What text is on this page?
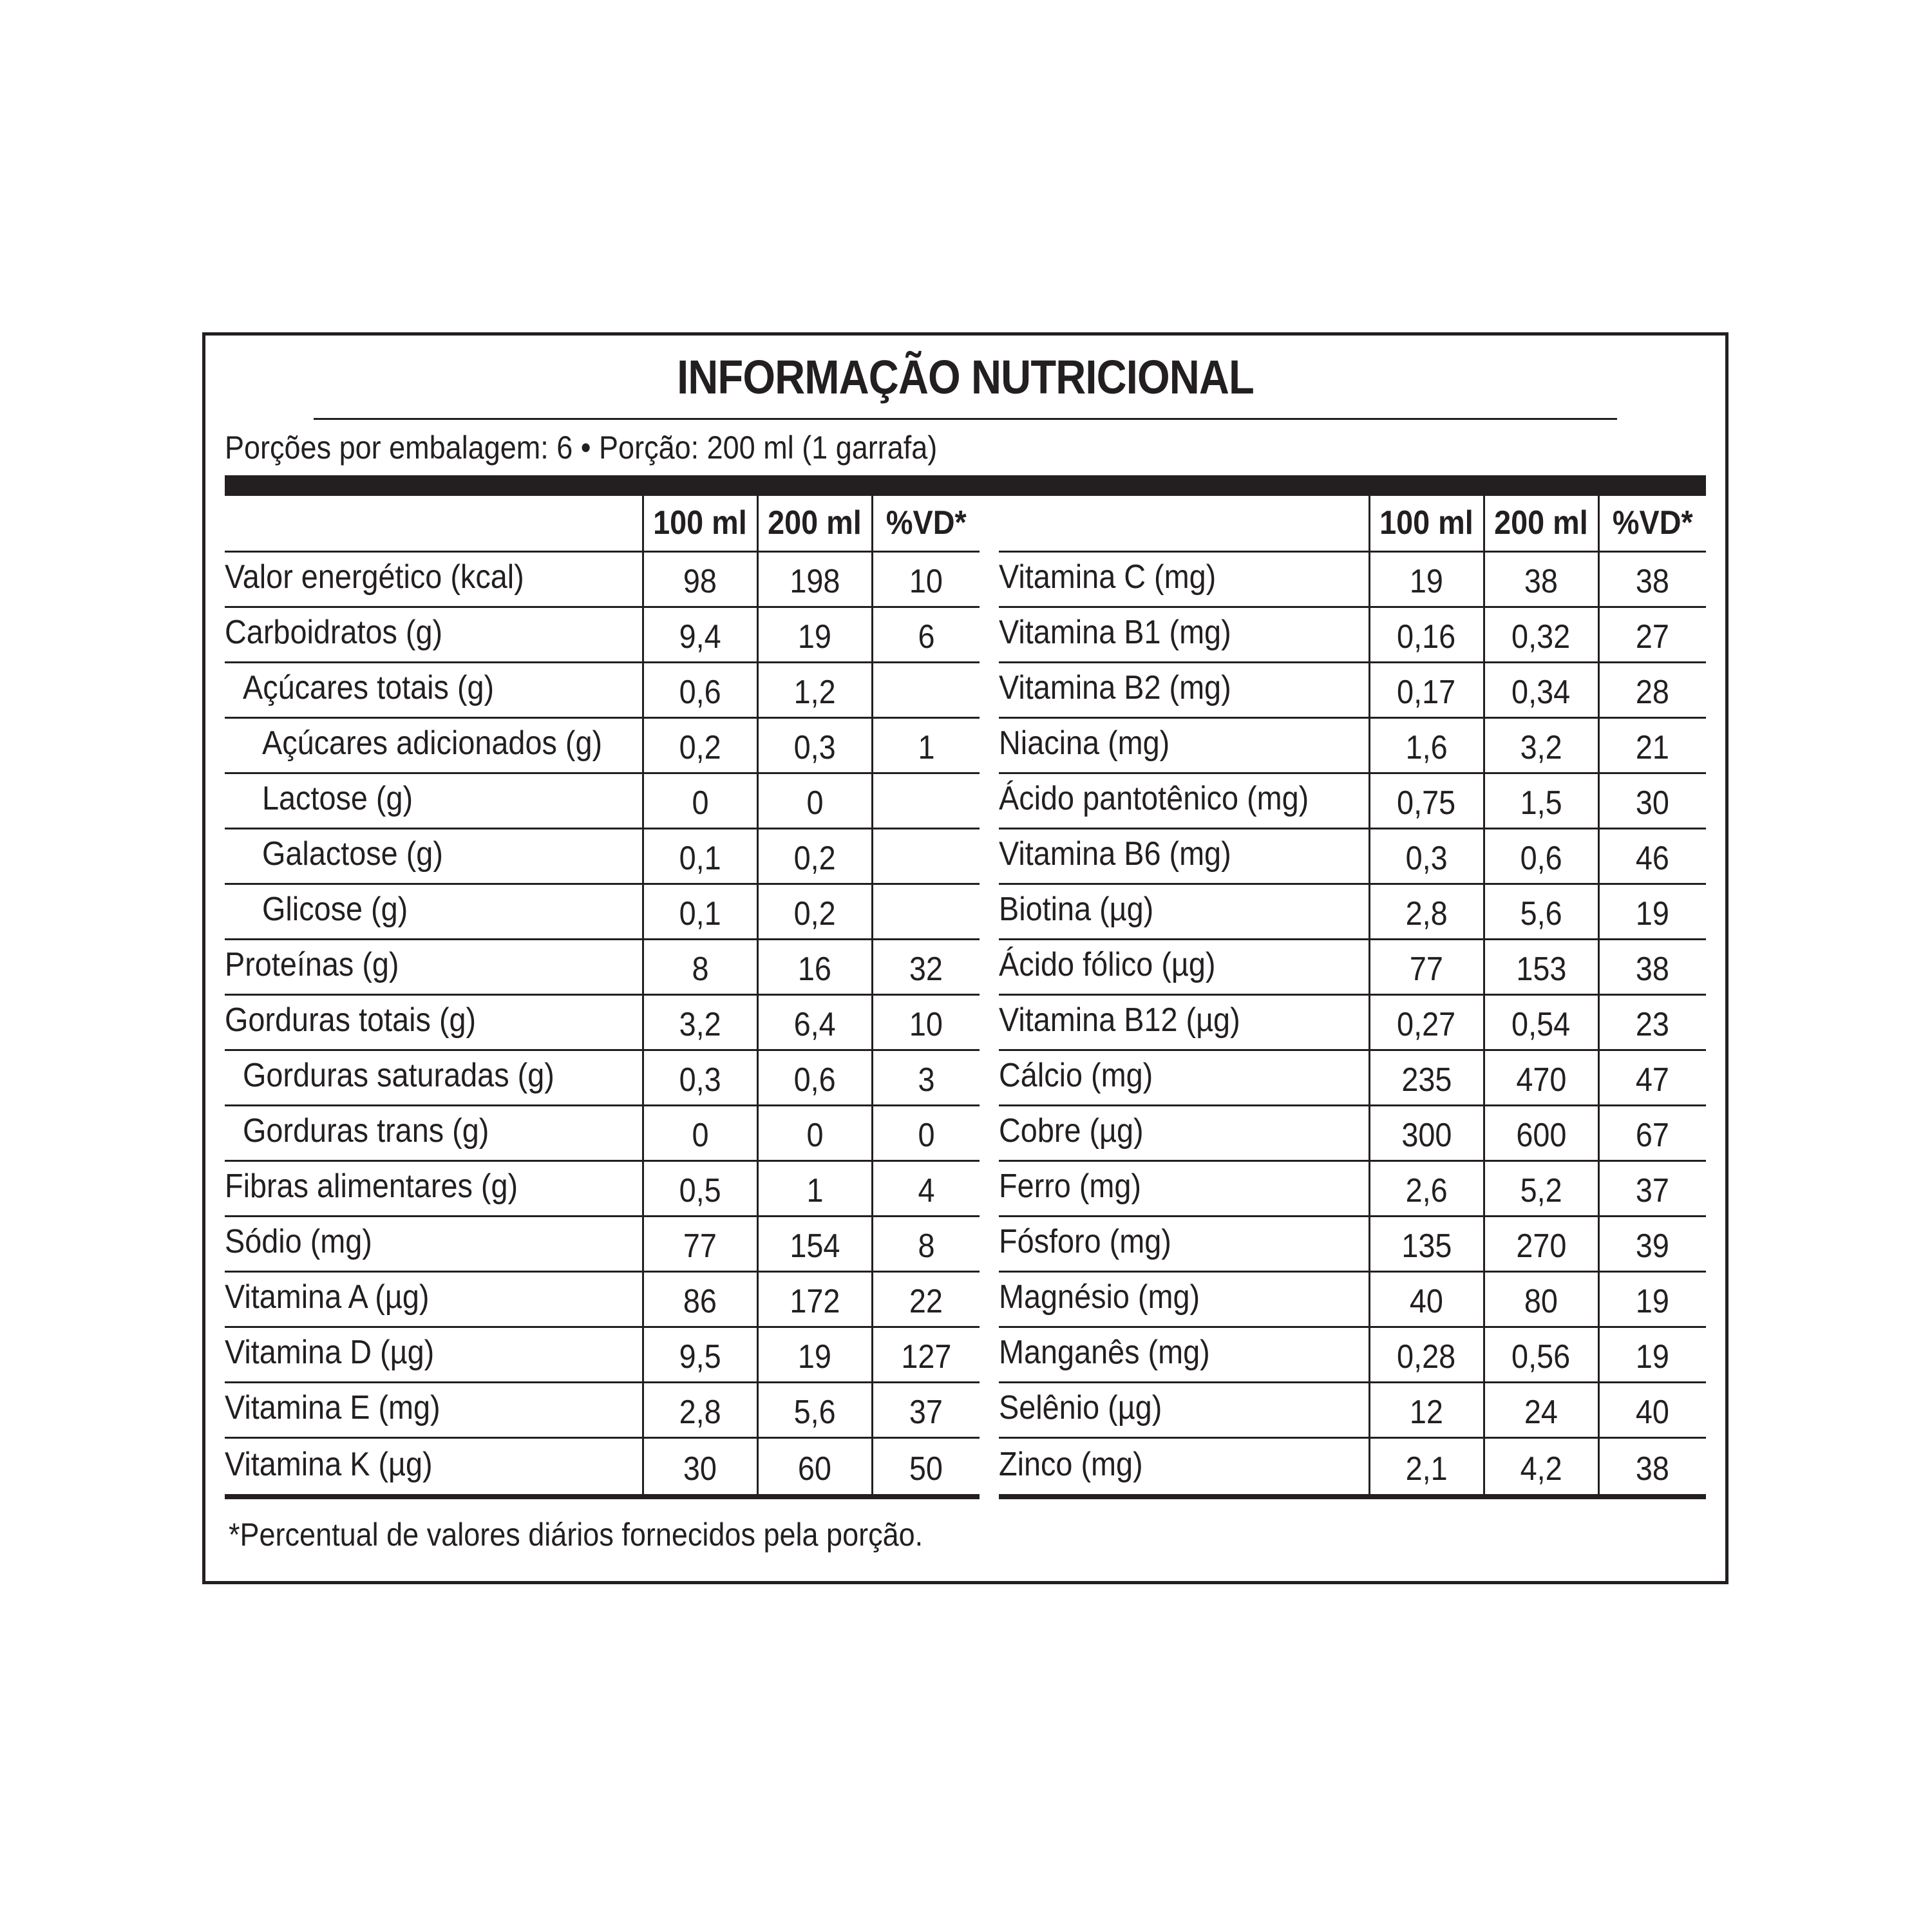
INFORMAÇÃO NUTRICIONAL
Porções por embalagem: 6 • Porção: 200 ml (1 garrafa)
	100 ml	200 ml	%VD*
Valor energético (kcal)	98	198	10
Carboidratos (g)	9,4	19	6
Açúcares totais (g)	0,6	1,2	
Açúcares adicionados (g)	0,2	0,3	1
Lactose (g)	0	0	
Galactose (g)	0,1	0,2	
Glicose (g)	0,1	0,2	
Proteínas (g)	8	16	32
Gorduras totais (g)	3,2	6,4	10
Gorduras saturadas (g)	0,3	0,6	3
Gorduras trans (g)	0	0	0
Fibras alimentares (g)	0,5	1	4
Sódio (mg)	77	154	8
Vitamina A (µg)	86	172	22
Vitamina D (µg)	9,5	19	127
Vitamina E (mg)	2,8	5,6	37
Vitamina K (µg)	30	60	50
	100 ml	200 ml	%VD*
Vitamina C (mg)	19	38	38
Vitamina B1 (mg)	0,16	0,32	27
Vitamina B2 (mg)	0,17	0,34	28
Niacina (mg)	1,6	3,2	21
Ácido pantotênico (mg)	0,75	1,5	30
Vitamina B6 (mg)	0,3	0,6	46
Biotina (µg)	2,8	5,6	19
Ácido fólico (µg)	77	153	38
Vitamina B12 (µg)	0,27	0,54	23
Cálcio (mg)	235	470	47
Cobre (µg)	300	600	67
Ferro (mg)	2,6	5,2	37
Fósforo (mg)	135	270	39
Magnésio (mg)	40	80	19
Manganês (mg)	0,28	0,56	19
Selênio (µg)	12	24	40
Zinco (mg)	2,1	4,2	38
*Percentual de valores diários fornecidos pela porção.
